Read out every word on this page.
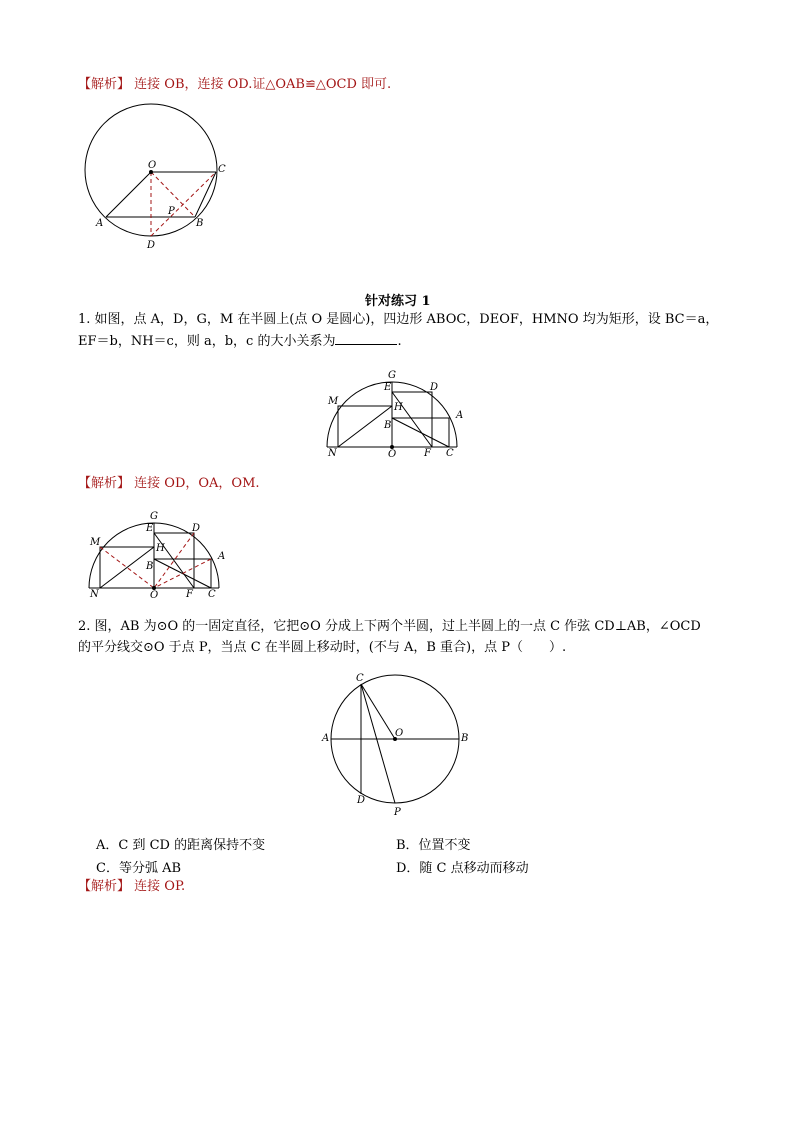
【解析】 连接 OB，连接 OD.证△OAB≌△OCD 即可.
O	C
A	B
P
D
针对练习 1
1. 如图，点 A，D，G，M 在半圆上(点 O 是圆心)，四边形 ABOC，DEOF，HMNO 均为矩形，设 BC＝a，
EF＝b，NH＝c，则 a，b，c 的大小关系为	.
G
E	D
M
H
A
B
N	O	F C
【解析】 连接 OD，OA，OM.
G
E	D
M
H
A
B
N	O	F C
2. 图，AB 为⊙O 的一固定直径，它把⊙O 分成上下两个半圆，过上半圆上的一点 C 作弦 CD⊥AB，∠OCD
的平分线交⊙O 于点 P，当点 C 在半圆上移动时，(不与 A，B 重合)，点 P（　　）.
C
A	O	B
D
P
A．C 到 CD 的距离保持不变	B．位置不变
C．等分弧 AB	D．随 C 点移动而移动
【解析】 连接 OP.
